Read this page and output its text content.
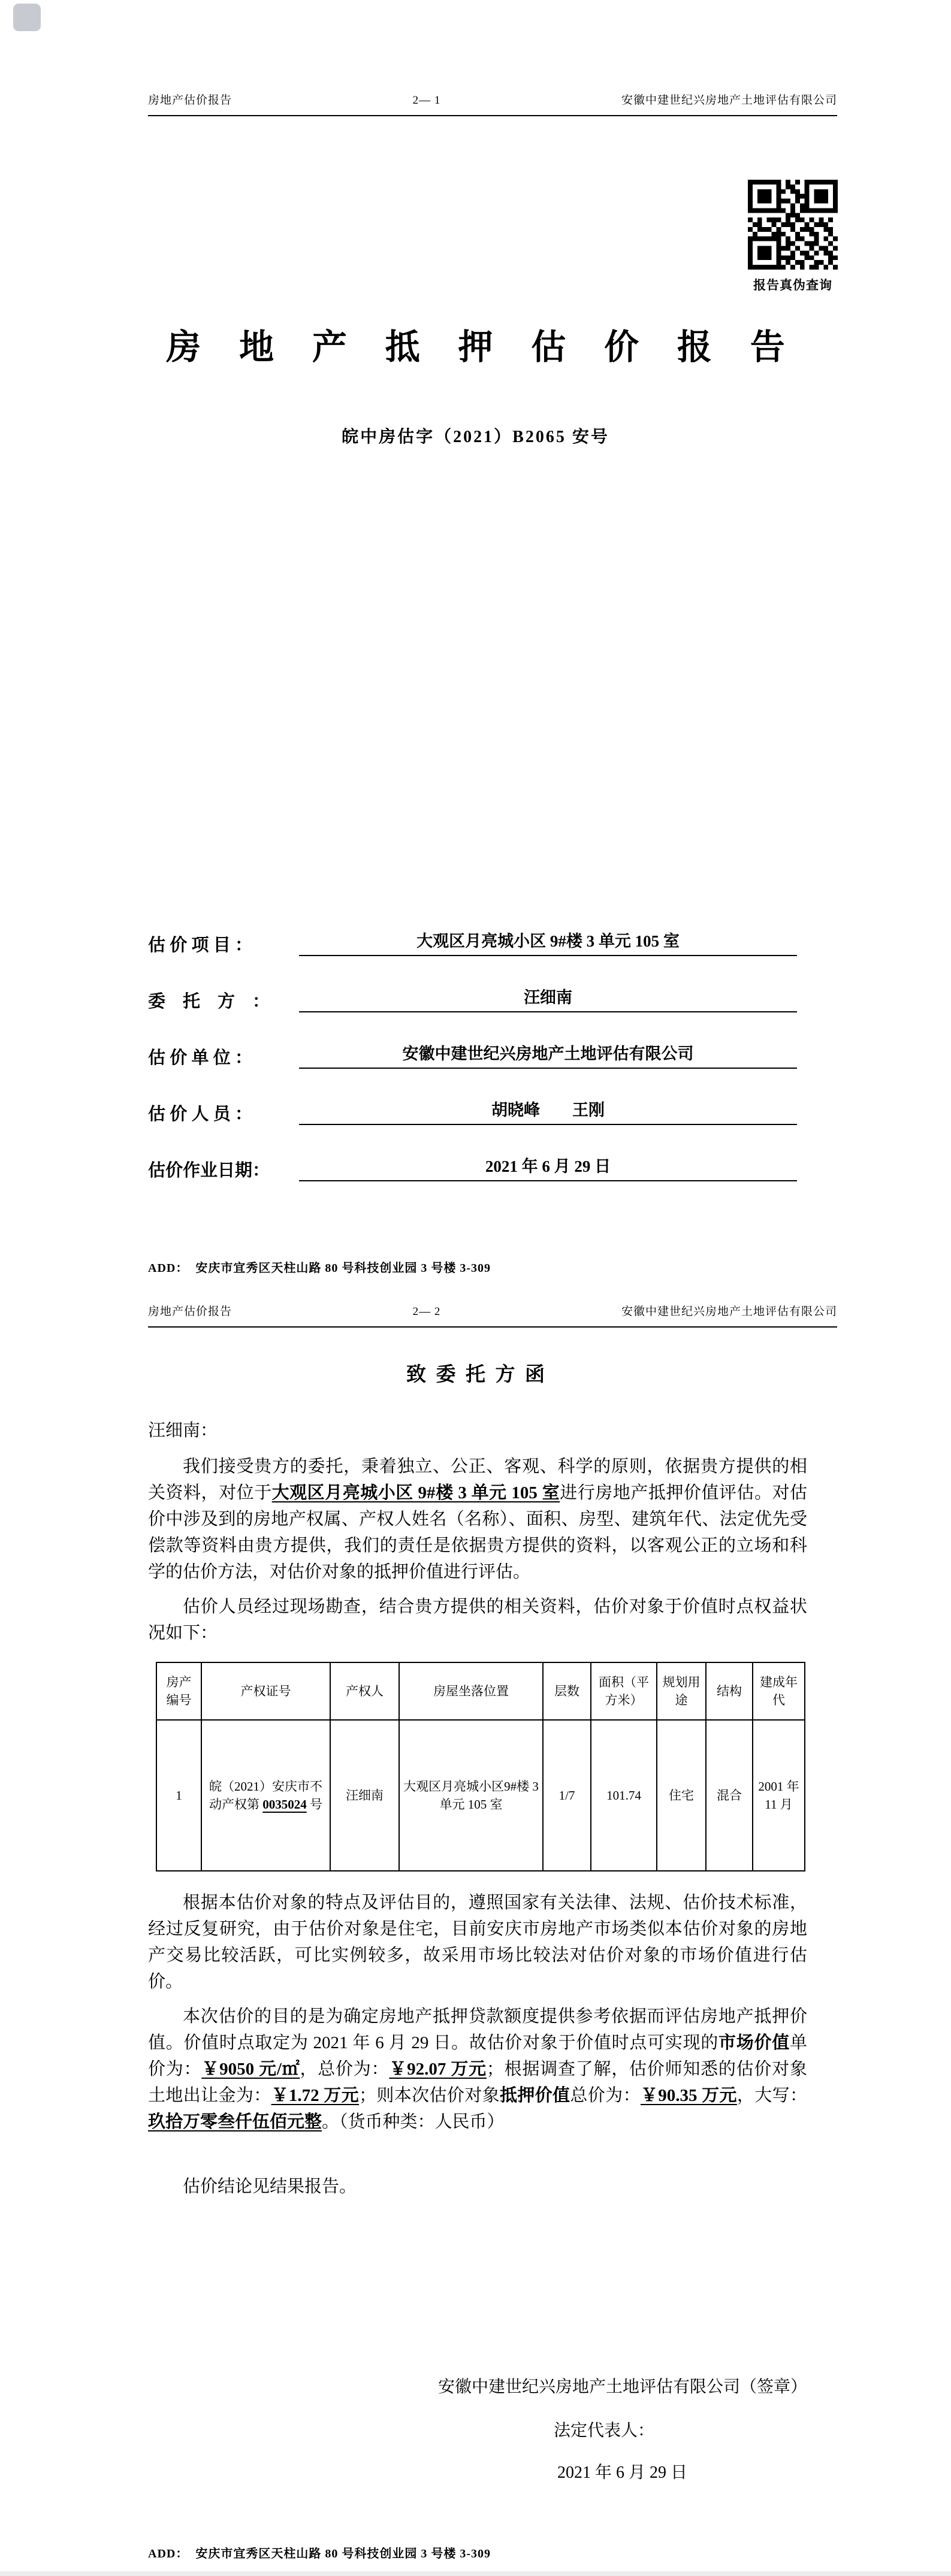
房地产估价报告	2— 1	安徽中建世纪兴房地产土地评估有限公司
报告真伪查询
房地产抵押估价报告
皖中房估字（2021）B2065 安号
估 价 项 目 ：	大观区月亮城小区 9#楼 3 单元 105 室
委　托　方　：	汪细南
估 价 单 位 ：	安徽中建世纪兴房地产土地评估有限公司
估 价 人 员 ：	胡晓峰　　王刚
估价作业日期：	2021 年 6 月 29 日
ADD：  安庆市宜秀区天柱山路 80 号科技创业园 3 号楼 3-309
房地产估价报告	2— 2	安徽中建世纪兴房地产土地评估有限公司
致委托方函
汪细南：

我们接受贵方的委托，秉着独立、公正、客观、科学的原则，依据贵方提供的相关资料，对位于大观区月亮城小区 9#楼 3 单元 105 室进行房地产抵押价值评估。对估价中涉及到的房地产权属、产权人姓名（名称）、面积、房型、建筑年代、法定优先受偿款等资料由贵方提供，我们的责任是依据贵方提供的资料，以客观公正的立场和科学的估价方法，对估价对象的抵押价值进行评估。

估价人员经过现场勘查，结合贵方提供的相关资料，估价对象于价值时点权益状况如下：

房产编号	产权证号	产权人	房屋坐落位置	层数	面积（平方米）	规划用途	结构	建成年代
1	皖（2021）安庆市不动产权第 0035024 号	汪细南	大观区月亮城小区9#楼 3 单元 105 室	1/7	101.74	住宅	混合	2001 年 11 月

根据本估价对象的特点及评估目的，遵照国家有关法律、法规、估价技术标准，经过反复研究，由于估价对象是住宅，目前安庆市房地产市场类似本估价对象的房地产交易比较活跃，可比实例较多，故采用市场比较法对估价对象的市场价值进行估价。

本次估价的目的是为确定房地产抵押贷款额度提供参考依据而评估房地产抵押价值。价值时点取定为 2021 年 6 月 29 日。故估价对象于价值时点可实现的市场价值单价为：￥9050 元/㎡，总价为：￥92.07 万元；根据调查了解，估价师知悉的估价对象土地出让金为：￥1.72 万元；则本次估价对象抵押价值总价为：￥90.35 万元，大写：玖拾万零叁仟伍佰元整。（货币种类：人民币）

估价结论见结果报告。

安徽中建世纪兴房地产土地评估有限公司（签章）
法定代表人：
2021 年 6 月 29 日
ADD：  安庆市宜秀区天柱山路 80 号科技创业园 3 号楼 3-309
